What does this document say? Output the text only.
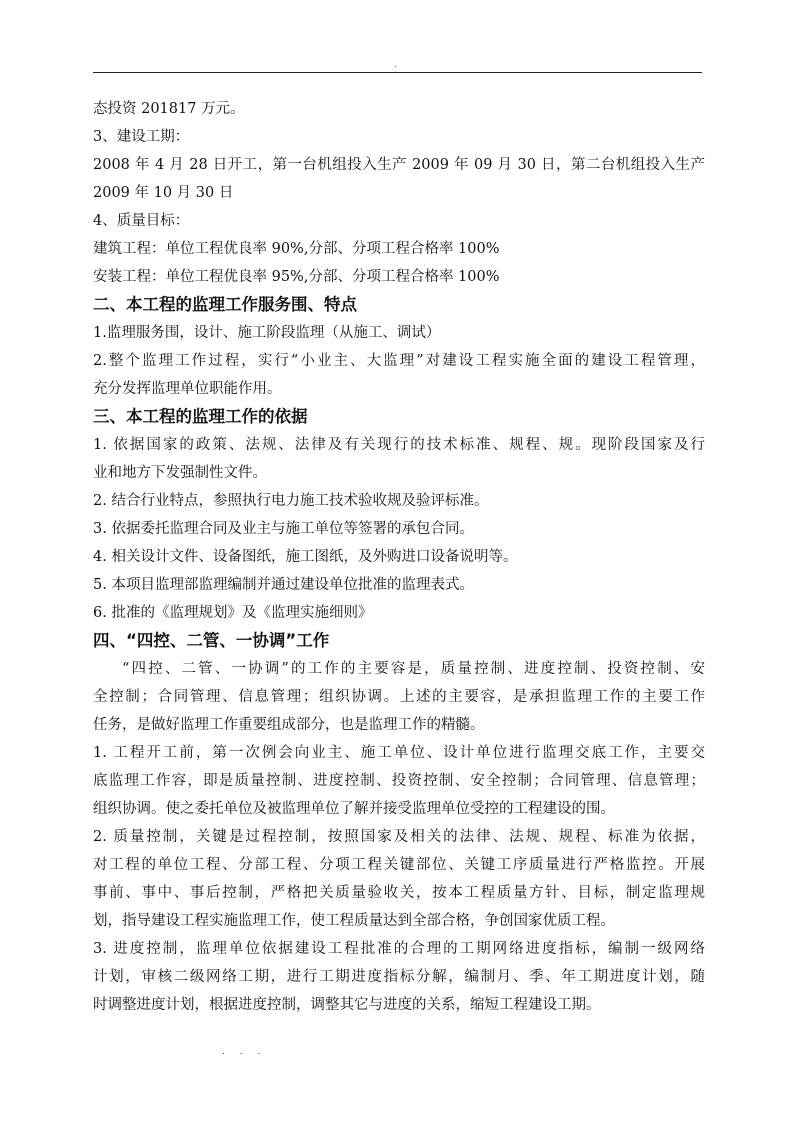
.
态投资 201817 万元。
3、建设工期：
2008 年 4 月 28 日开工，第一台机组投入生产 2009 年 09 月 30 日，第二台机组投入生产
2009 年 10 月 30 日
4、质量目标：
建筑工程：单位工程优良率 90%,分部、分项工程合格率 100%
安装工程：单位工程优良率 95%,分部、分项工程合格率 100%
二、本工程的监理工作服务围、特点
1.监理服务围，设计、施工阶段监理（从施工、调试）
2.整个监理工作过程，实行“小业主、大监理”对建设工程实施全面的建设工程管理，
充分发挥监理单位职能作用。
三、本工程的监理工作的依据
1. 依据国家的政策、法规、法律及有关现行的技术标准、规程、规。现阶段国家及行
业和地方下发强制性文件。
2. 结合行业特点，参照执行电力施工技术验收规及验评标准。
3. 依据委托监理合同及业主与施工单位等签署的承包合同。
4. 相关设计文件、设备图纸，施工图纸，及外购进口设备说明等。
5. 本项目监理部监理编制并通过建设单位批准的监理表式。
6. 批准的《监理规划》及《监理实施细则》
四、“四控、二管、一协调”工作
“四控、二管、一协调”的工作的主要容是，质量控制、进度控制、投资控制、安
全控制；合同管理、信息管理；组织协调。上述的主要容，是承担监理工作的主要工作
任务，是做好监理工作重要组成部分，也是监理工作的精髓。
1. 工程开工前，第一次例会向业主、施工单位、设计单位进行监理交底工作，主要交
底监理工作容，即是质量控制、进度控制、投资控制、安全控制；合同管理、信息管理；
组织协调。使之委托单位及被监理单位了解并接受监理单位受控的工程建设的围。
2. 质量控制，关键是过程控制，按照国家及相关的法律、法规、规程、标准为依据，
对工程的单位工程、分部工程、分项工程关键部位、关键工序质量进行严格监控。开展
事前、事中、事后控制，严格把关质量验收关，按本工程质量方针、目标，制定监理规
划，指导建设工程实施监理工作，使工程质量达到全部合格，争创国家优质工程。
3. 进度控制，监理单位依据建设工程批准的合理的工期网络进度指标，编制一级网络
计划，审核二级网络工期，进行工期进度指标分解，编制月、季、年工期进度计划，随
时调整进度计划，根据进度控制，调整其它与进度的关系，缩短工程建设工期。
. . .
